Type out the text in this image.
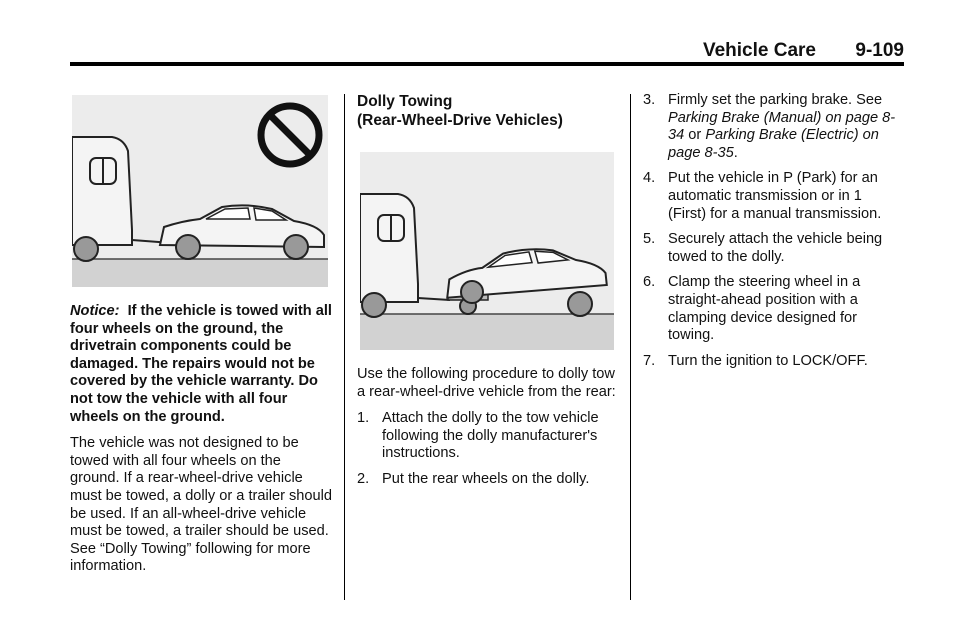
Vehicle Care 9-109

Notice: If the vehicle is towed with all four wheels on the ground, the drivetrain components could be damaged. The repairs would not be covered by the vehicle warranty. Do not tow the vehicle with all four wheels on the ground.

The vehicle was not designed to be towed with all four wheels on the ground. If a rear-wheel-drive vehicle must be towed, a dolly or a trailer should be used. If an all-wheel-drive vehicle must be towed, a trailer should be used. See “Dolly Towing” following for more information.

Dolly Towing
(Rear-Wheel-Drive Vehicles)

Use the following procedure to dolly tow a rear-wheel-drive vehicle from the rear:

1. Attach the dolly to the tow vehicle following the dolly manufacturer's instructions.
2. Put the rear wheels on the dolly.
3. Firmly set the parking brake. See Parking Brake (Manual) on page 8-34 or Parking Brake (Electric) on page 8-35.
4. Put the vehicle in P (Park) for an automatic transmission or in 1 (First) for a manual transmission.
5. Securely attach the vehicle being towed to the dolly.
6. Clamp the steering wheel in a straight-ahead position with a clamping device designed for towing.
7. Turn the ignition to LOCK/OFF.
